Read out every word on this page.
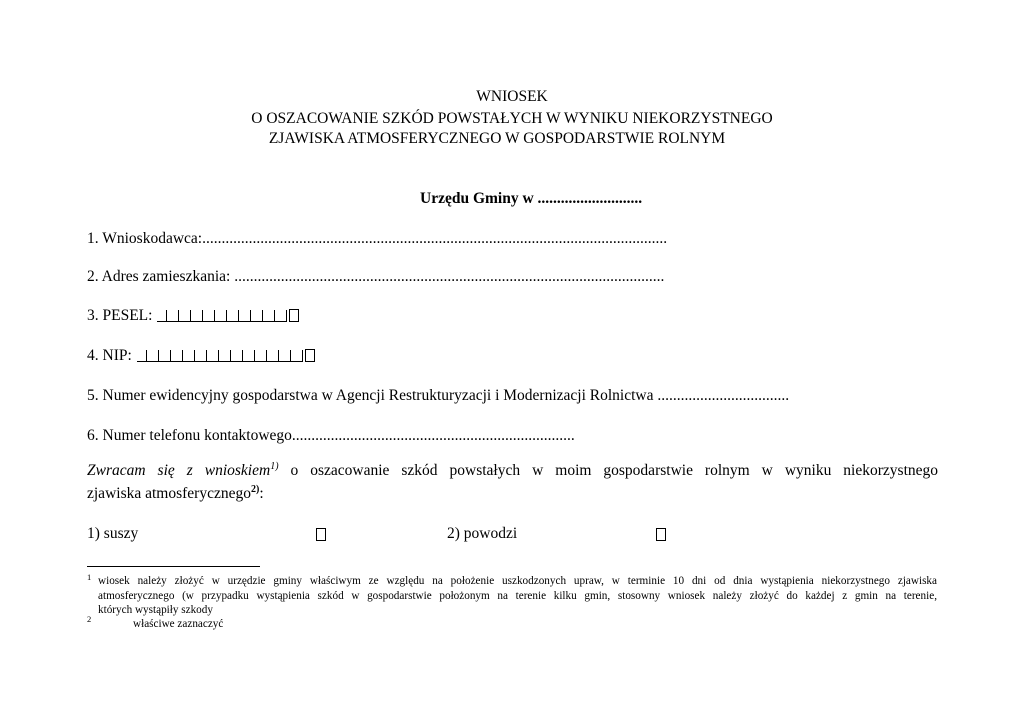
WNIOSEK
O OSZACOWANIE SZKÓD POWSTAŁYCH W WYNIKU NIEKORZYSTNEGO
ZJAWISKA ATMOSFERYCZNEGO W GOSPODARSTWIE ROLNYM
Urzędu Gminy w ...........................
1. Wnioskodawca:........................................................................................................................
2. Adres zamieszkania: ...............................................................................................................
3. PESEL:
4. NIP:
5. Numer ewidencyjny gospodarstwa w Agencji Restrukturyzacji i Modernizacji Rolnictwa ..................................
6. Numer telefonu kontaktowego.........................................................................
Zwracam się z wnioskiem$^{1)}$ o oszacowanie szkód powstałych w moim gospodarstwie rolnym w wyniku niekorzystnego
zjawiska atmosferycznego$^{2)}$:
1) suszy	2) powodzi
1 wiosek należy złożyć w urzędzie gminy właściwym ze względu na położenie uszkodzonych upraw, w terminie 10 dni od dnia wystąpienia niekorzystnego zjawiska
atmosferycznego (w przypadku wystąpienia szkód w gospodarstwie położonym na terenie kilku gmin, stosowny wniosek należy złożyć do każdej z gmin na terenie,
których wystąpiły szkody
2	właściwe zaznaczyć
